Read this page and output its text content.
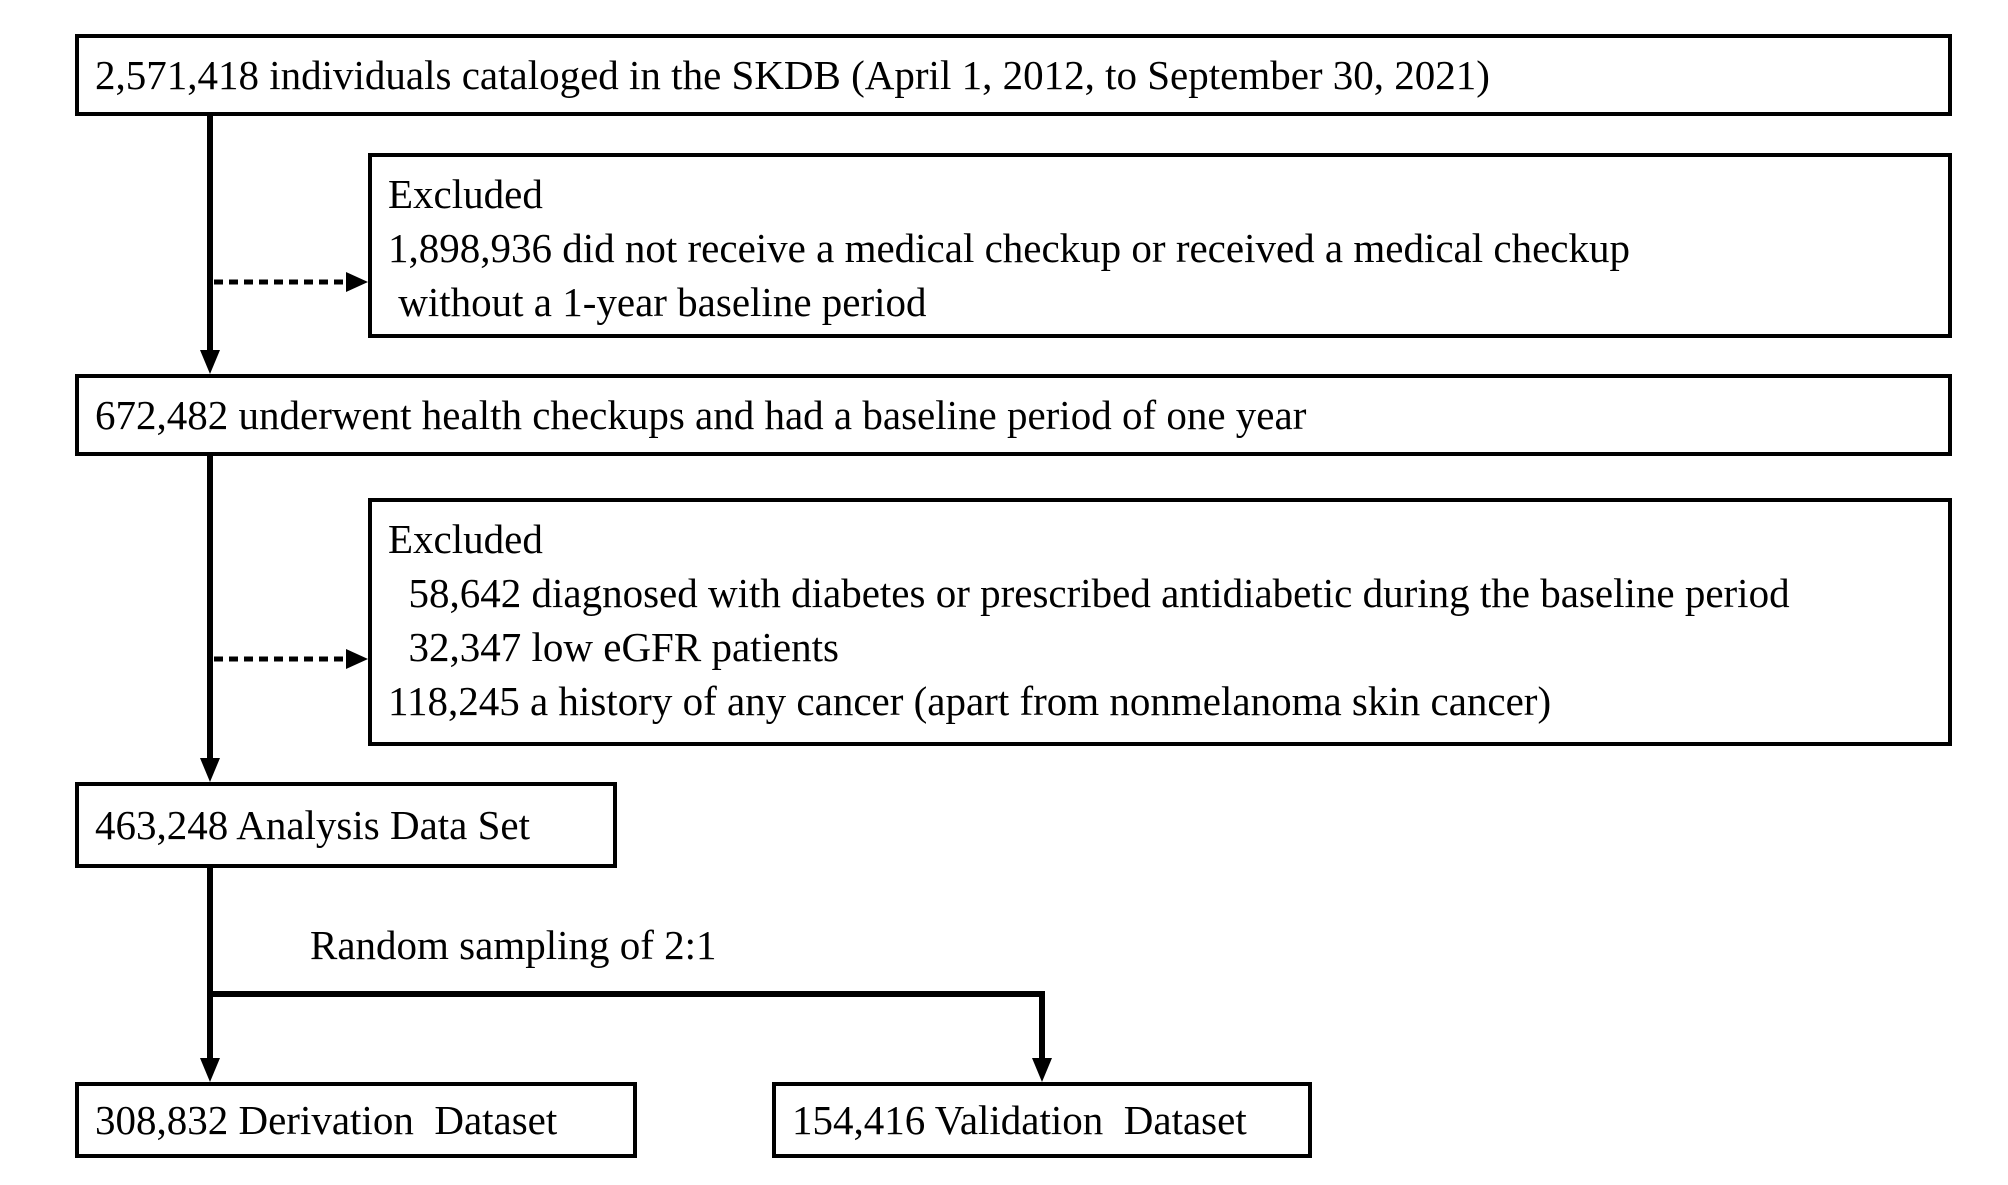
2,571,418 individuals cataloged in the SKDB (April 1, 2012, to September 30, 2021)
Excluded
1,898,936 did not receive a medical checkup or received a medical checkup
without a 1-year baseline period
672,482 underwent health checkups and had a baseline period of one year
Excluded
58,642 diagnosed with diabetes or prescribed antidiabetic during the baseline period
32,347 low eGFR patients
118,245 a history of any cancer (apart from nonmelanoma skin cancer)
463,248 Analysis Data Set
Random sampling of 2:1
308,832 Derivation  Dataset	154,416 Validation  Dataset
